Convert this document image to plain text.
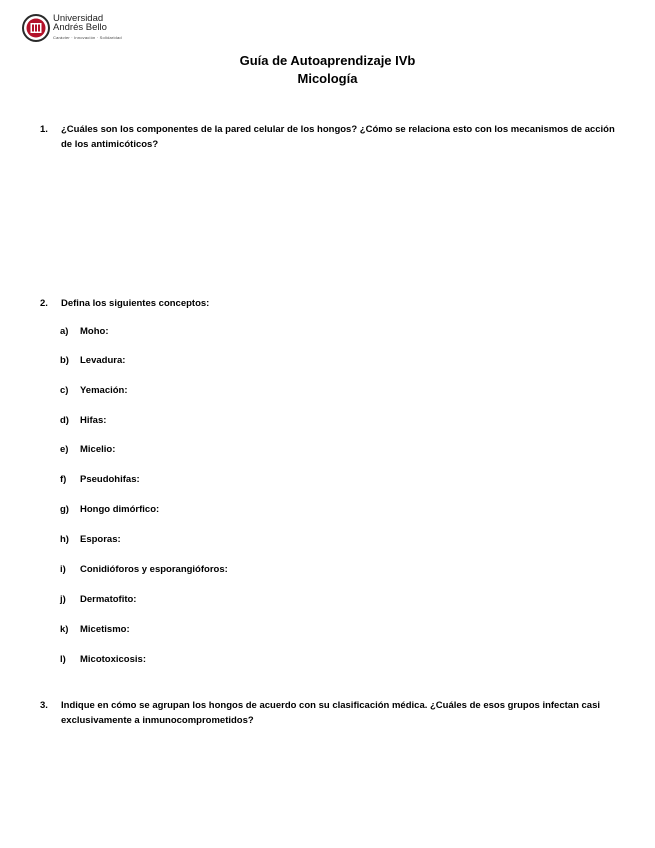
Universidad
Andrés Bello
Carácter · Innovación · Solidaridad
Guía de Autoaprendizaje IVb
Micología
1.	¿Cuáles son los componentes de la pared celular de los hongos? ¿Cómo se relaciona esto con los mecanismos de acción de los antimicóticos?
2.	Defina los siguientes conceptos:
a) Moho:
b) Levadura:
c) Yemación:
d) Hifas:
e) Micelio:
f) Pseudohifas:
g) Hongo dimórfico:
h) Esporas:
i) Conidióforos y esporangióforos:
j) Dermatofito:
k) Micetismo:
l) Micotoxicosis:
3.	Indique en cómo se agrupan los hongos de acuerdo con su clasificación médica. ¿Cuáles de esos grupos infectan casi exclusivamente a inmunocomprometidos?
